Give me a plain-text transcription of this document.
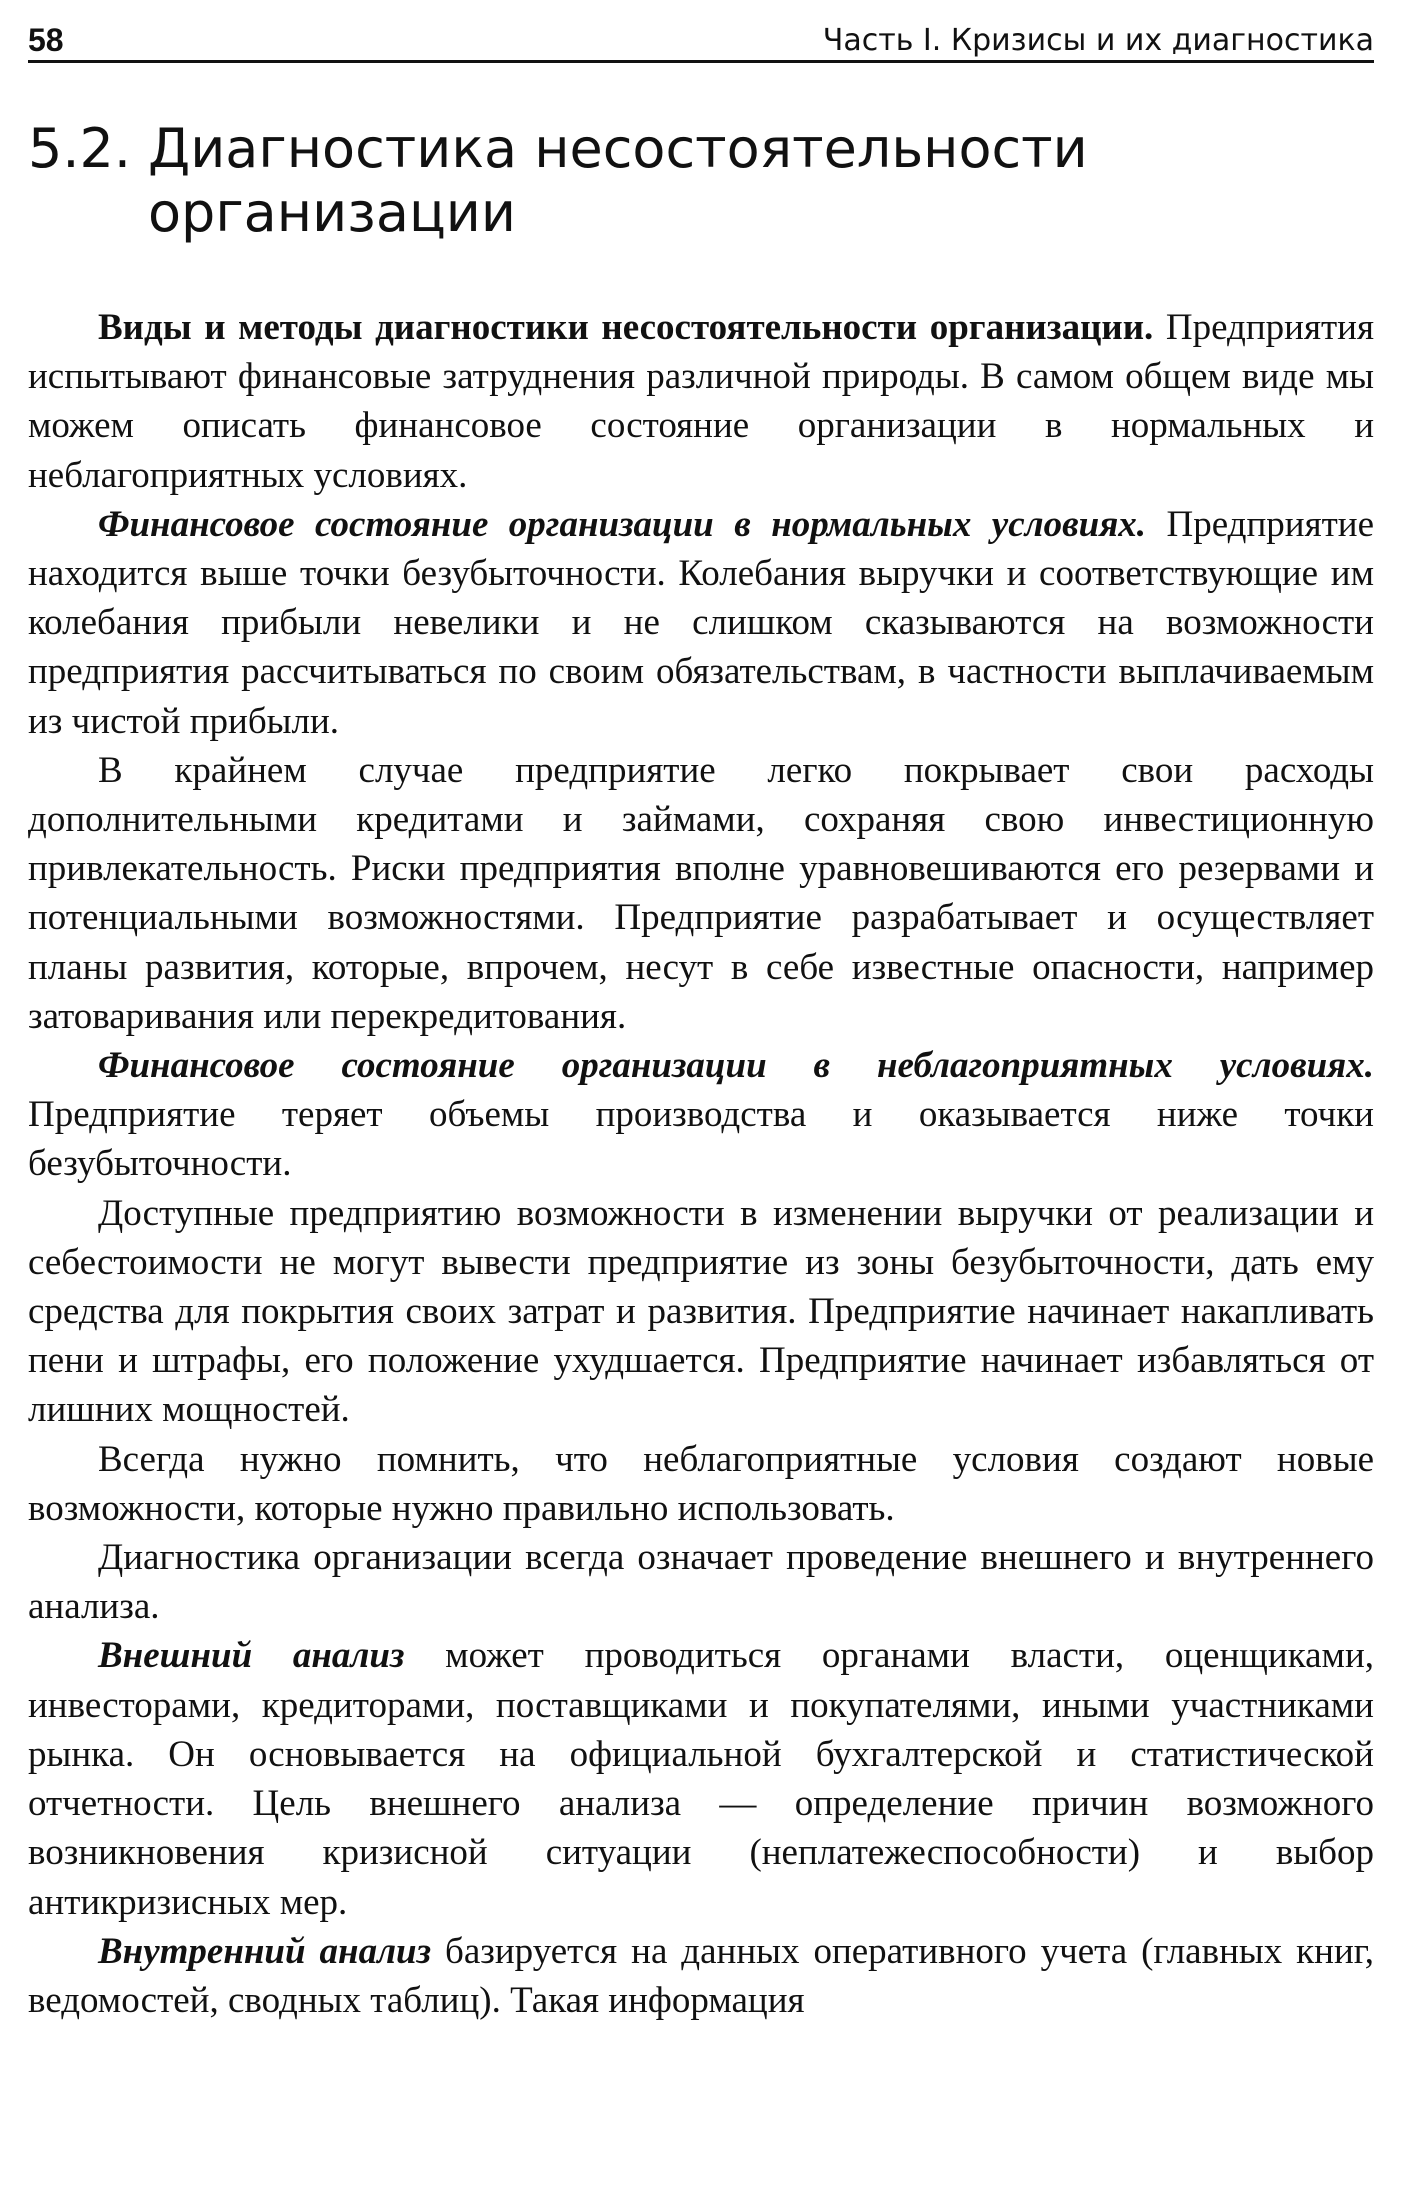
58	Часть I. Кризисы и их диагностика
5.2. Диагностика несостоятельности организации

Виды и методы диагностики несостоятельности организации. Предприятия испытывают финансовые затруднения различной природы. В самом общем виде мы можем описать финансовое состояние организации в нормальных и неблагоприятных условиях.

Финансовое состояние организации в нормальных условиях. Предприятие находится выше точки безубыточности. Колебания выручки и соответствующие им колебания прибыли невелики и не слишком сказываются на возможности предприятия рассчитываться по своим обязательствам, в частности выплачиваемым из чистой прибыли.

В крайнем случае предприятие легко покрывает свои расходы дополнительными кредитами и займами, сохраняя свою инвестиционную привлекательность. Риски предприятия вполне уравновешиваются его резервами и потенциальными возможностями. Предприятие разрабатывает и осуществляет планы развития, которые, впрочем, несут в себе известные опасности, например затоваривания или перекредитования.

Финансовое состояние организации в неблагоприятных условиях. Предприятие теряет объемы производства и оказывается ниже точки безубыточности.

Доступные предприятию возможности в изменении выручки от реализации и себестоимости не могут вывести предприятие из зоны безубыточности, дать ему средства для покрытия своих затрат и развития. Предприятие начинает накапливать пени и штрафы, его положение ухудшается. Предприятие начинает избавляться от лишних мощностей.

Всегда нужно помнить, что неблагоприятные условия создают новые возможности, которые нужно правильно использовать.

Диагностика организации всегда означает проведение внешнего и внутреннего анализа.

Внешний анализ может проводиться органами власти, оценщиками, инвесторами, кредиторами, поставщиками и покупателями, иными участниками рынка. Он основывается на официальной бухгалтерской и статистической отчетности. Цель внешнего анализа — определение причин возможного возникновения кризисной ситуации (неплатежеспособности) и выбор антикризисных мер.

Внутренний анализ базируется на данных оперативного учета (главных книг, ведомостей, сводных таблиц). Такая информация
